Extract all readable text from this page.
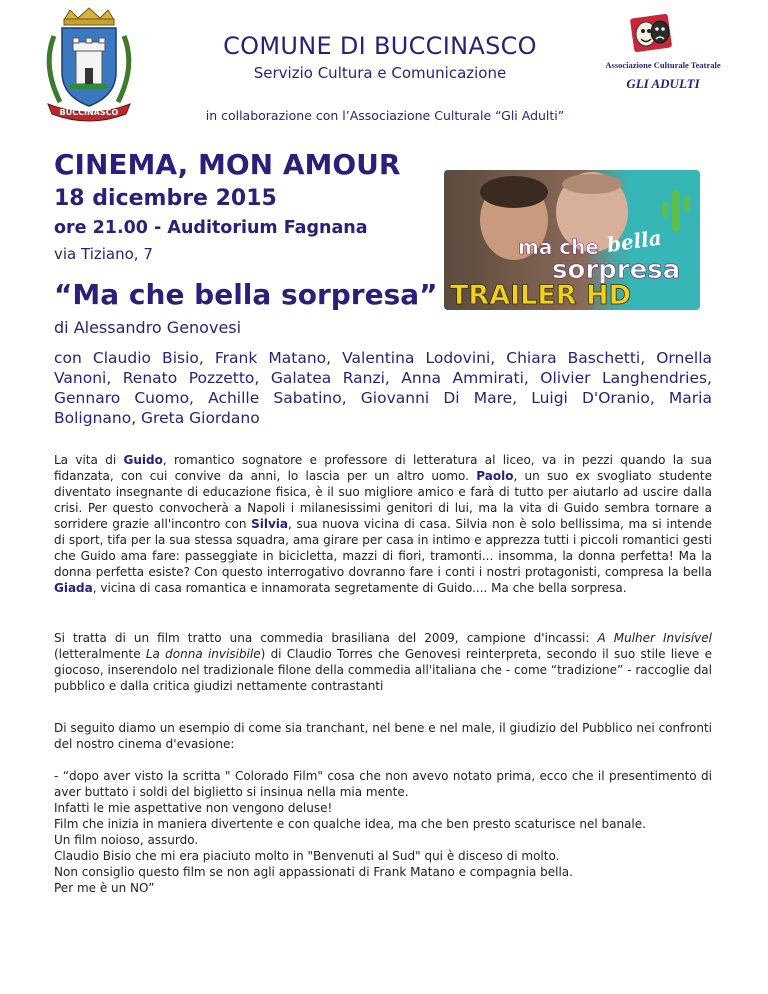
BUCCINASCO
COMUNE DI BUCCINASCO
Servizio Cultura e Comunicazione	Associazione Culturale Teatrale
GLI ADULTI
in collaborazione con l’Associazione Culturale “Gli Adulti”
CINEMA, MON AMOUR
18 dicembre 2015
ore 21.00 - Auditorium Fagnana
via Tiziano, 7	ma che bella
sorpresa
TRAILER HD
“Ma che bella sorpresa”
di Alessandro Genovesi
con Claudio Bisio, Frank Matano, Valentina Lodovini, Chiara Baschetti, Ornella Vanoni, Renato Pozzetto, Galatea Ranzi, Anna Ammirati, Olivier Langhendries, Gennaro Cuomo, Achille Sabatino, Giovanni Di Mare, Luigi D'Oranio, Maria Bolignano, Greta Giordano
La vita di Guido, romantico sognatore e professore di letteratura al liceo, va in pezzi quando la sua fidanzata, con cui convive da anni, lo lascia per un altro uomo. Paolo, un suo ex svogliato studente diventato insegnante di educazione fisica, è il suo migliore amico e farà di tutto per aiutarlo ad uscire dalla crisi. Per questo convocherà a Napoli i milanesissimi genitori di lui, ma la vita di Guido sembra tornare a sorridere grazie all'incontro con Silvia, sua nuova vicina di casa. Silvia non è solo bellissima, ma si intende di sport, tifa per la sua stessa squadra, ama girare per casa in intimo e apprezza tutti i piccoli romantici gesti che Guido ama fare: passeggiate in bicicletta, mazzi di fiori, tramonti... insomma, la donna perfetta! Ma la donna perfetta esiste? Con questo interrogativo dovranno fare i conti i nostri protagonisti, compresa la bella Giada, vicina di casa romantica e innamorata segretamente di Guido.... Ma che bella sorpresa.
Si tratta di un film tratto una commedia brasiliana del 2009, campione d'incassi: A Mulher Invisível (letteralmente La donna invisibile) di Claudio Torres che Genovesi reinterpreta, secondo il suo stile lieve e giocoso, inserendolo nel tradizionale filone della commedia all'italiana che - come “tradizione” - raccoglie dal pubblico e dalla critica giudizi nettamente contrastanti
Di seguito diamo un esempio di come sia tranchant, nel bene e nel male, il giudizio del Pubblico nei confronti del nostro cinema d'evasione:
- “dopo aver visto la scritta " Colorado Film" cosa che non avevo notato prima, ecco che il presentimento di aver buttato i soldi del biglietto si insinua nella mia mente.
Infatti le mie aspettative non vengono deluse!
Film che inizia in maniera divertente e con qualche idea, ma che ben presto scaturisce nel banale.
Un film noioso, assurdo.
Claudio Bisio che mi era piaciuto molto in "Benvenuti al Sud" qui è disceso di molto.
Non consiglio questo film se non agli appassionati di Frank Matano e compagnia bella.
Per me è un NO”
